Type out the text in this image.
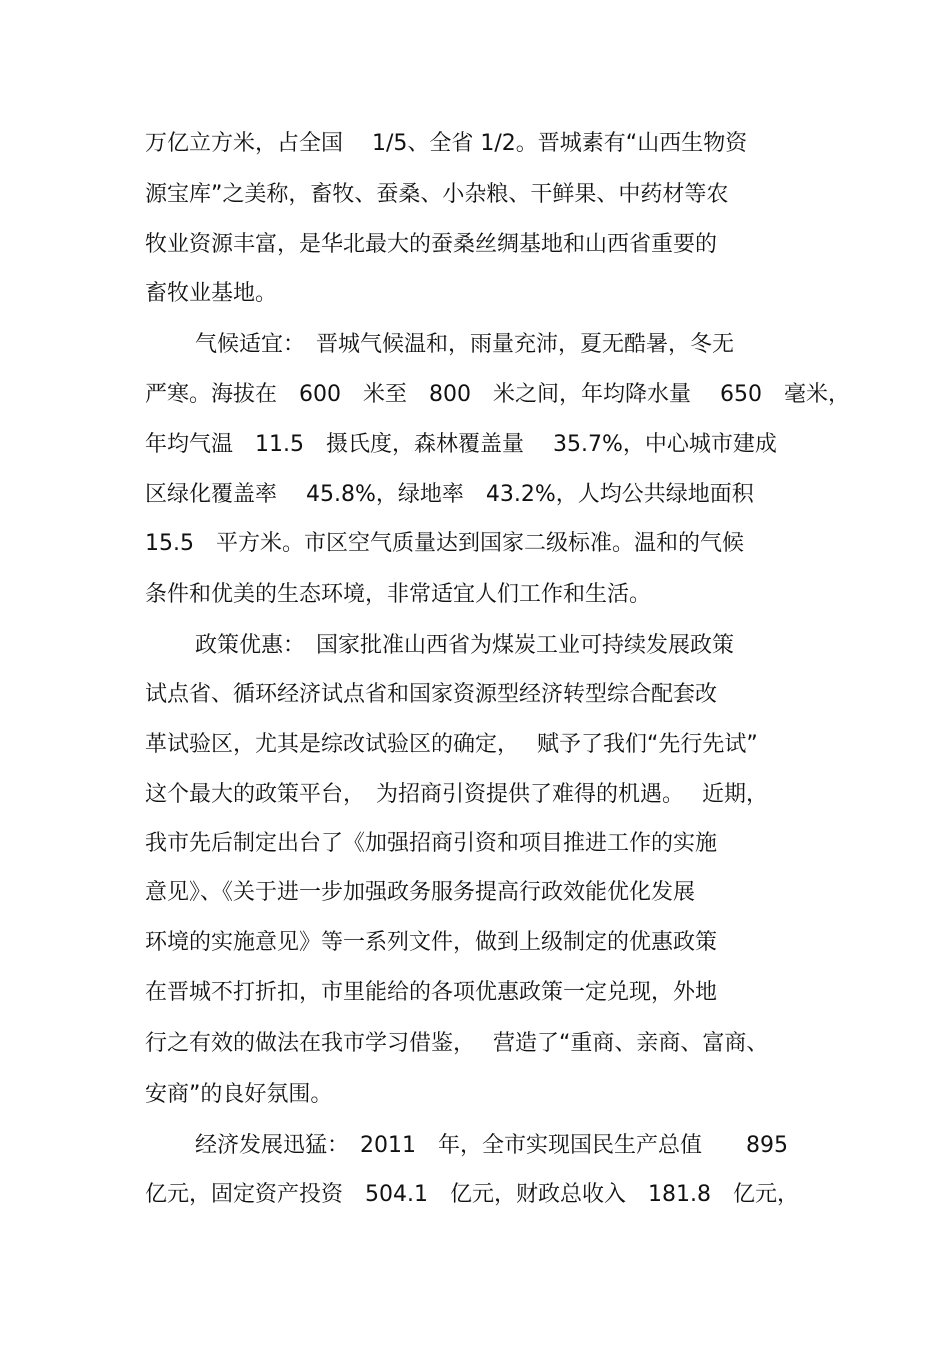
万亿立方米，占全国　 1/5、全省 1/2。晋城素有“山西生物资
源宝库”之美称，畜牧、蚕桑、小杂粮、干鲜果、中药材等农
牧业资源丰富，是华北最大的蚕桑丝绸基地和山西省重要的
畜牧业基地。
气候适宜：　晋城气候温和，雨量充沛，夏无酷暑，冬无
严寒。海拔在　600　米至　800　米之间，年均降水量　 650　毫米，
年均气温　11.5　摄氏度，森林覆盖量　 35.7%，中心城市建成
区绿化覆盖率　 45.8%，绿地率　43.2%，人均公共绿地面积
15.5　平方米。市区空气质量达到国家二级标准。温和的气候
条件和优美的生态环境，非常适宜人们工作和生活。
政策优惠：　国家批准山西省为煤炭工业可持续发展政策
试点省、循环经济试点省和国家资源型经济转型综合配套改
革试验区，尤其是综改试验区的确定，　 赋予了我们“先行先试”
这个最大的政策平台，　为招商引资提供了难得的机遇。　 近期，
我市先后制定出台了《加强招商引资和项目推进工作的实施
意见》、《关于进一步加强政务服务提高行政效能优化发展
环境的实施意见》等一系列文件，做到上级制定的优惠政策
在晋城不打折扣，市里能给的各项优惠政策一定兑现，外地
行之有效的做法在我市学习借鉴，　 营造了“重商、亲商、富商、
安商”的良好氛围。
经济发展迅猛：　2011　年，全市实现国民生产总值　　895
亿元，固定资产投资　504.1　亿元，财政总收入　181.8　亿元，
